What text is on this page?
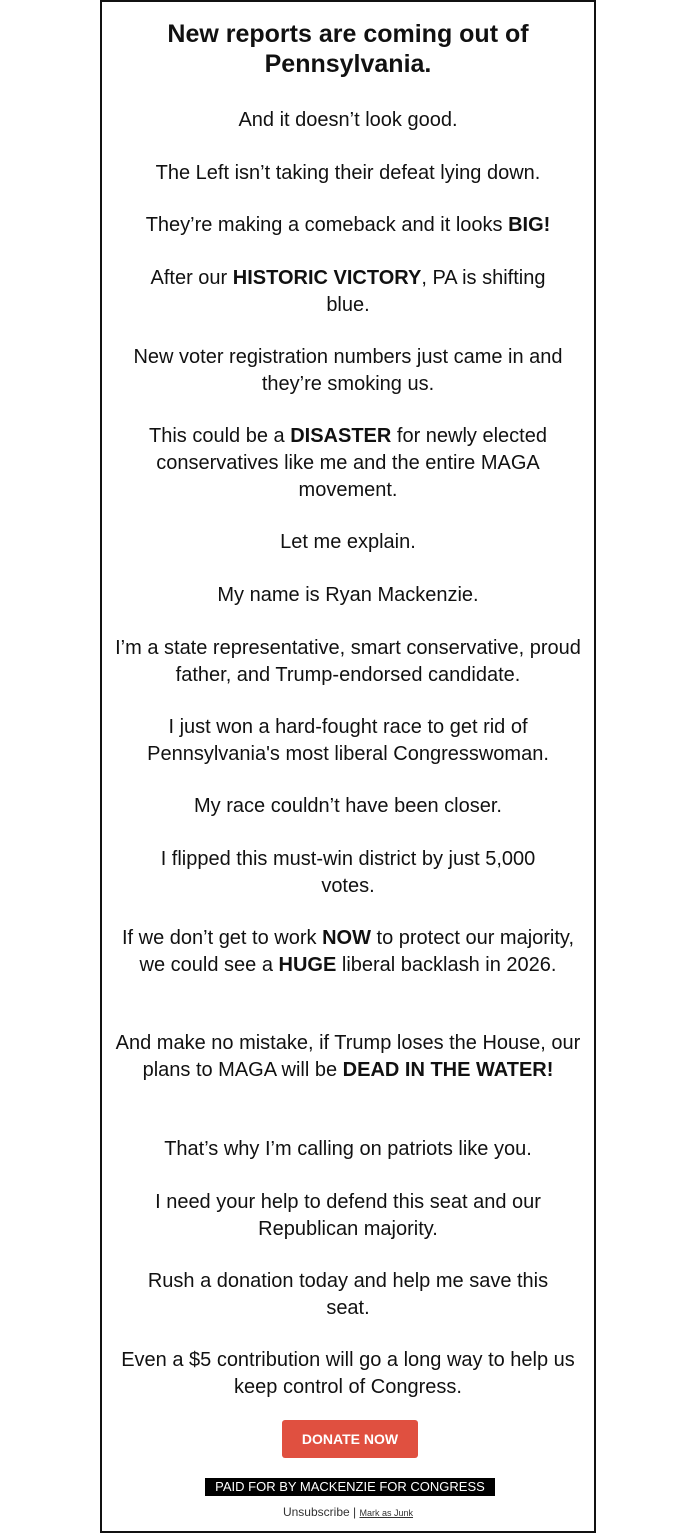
New reports are coming out of
Pennsylvania.

And it doesn’t look good.

The Left isn’t taking their defeat lying down.

They’re making a comeback and it looks BIG!

After our HISTORIC VICTORY, PA is shifting blue.

New voter registration numbers just came in and they’re smoking us.

This could be a DISASTER for newly elected conservatives like me and the entire MAGA movement.

Let me explain.

My name is Ryan Mackenzie.

I’m a state representative, smart conservative, proud father, and Trump-endorsed candidate.

I just won a hard-fought race to get rid of Pennsylvania's most liberal Congresswoman.

My race couldn’t have been closer.

I flipped this must-win district by just 5,000 votes.

If we don’t get to work NOW to protect our majority, we could see a HUGE liberal backlash in 2026.

And make no mistake, if Trump loses the House, our plans to MAGA will be DEAD IN THE WATER!

That’s why I’m calling on patriots like you.

I need your help to defend this seat and our Republican majority.

Rush a donation today and help me save this seat.

Even a $5 contribution will go a long way to help us keep control of Congress.

DONATE NOW
PAID FOR BY MACKENZIE FOR CONGRESS
Unsubscribe | Mark as Junk
